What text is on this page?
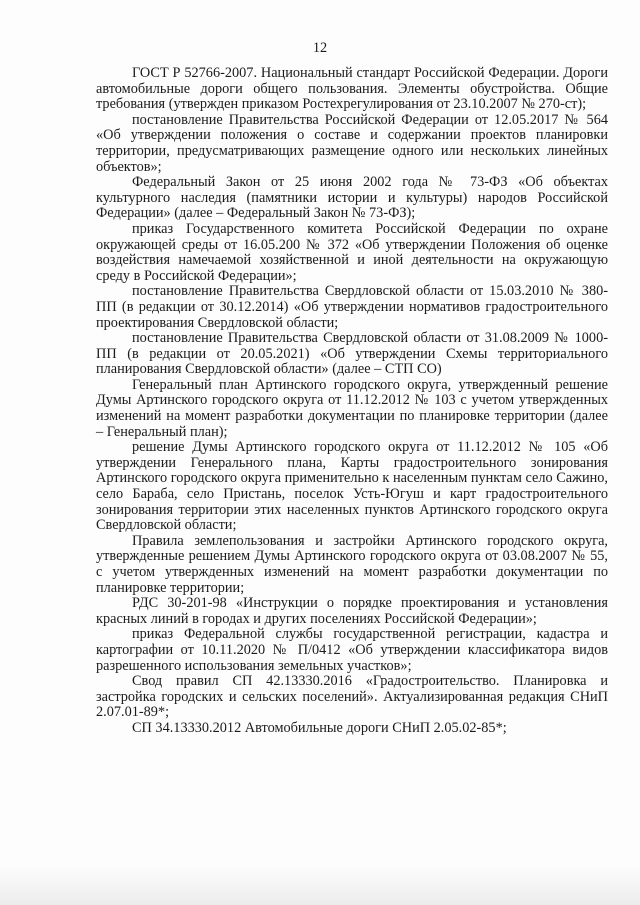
12

ГОСТ Р 52766-2007. Национальный стандарт Российской Федерации. Дороги автомобильные дороги общего пользования. Элементы обустройства. Общие требования (утвержден приказом Ростехрегулирования от 23.10.2007 № 270-ст);

постановление Правительства Российской Федерации от 12.05.2017 № 564 «Об утверждении положения о составе и содержании проектов планировки территории, предусматривающих размещение одного или нескольких линейных объектов»;

Федеральный Закон от 25 июня 2002 года № 73-ФЗ «Об объектах культурного наследия (памятники истории и культуры) народов Российской Федерации» (далее – Федеральный Закон № 73-ФЗ);

приказ Государственного комитета Российской Федерации по охране окружающей среды от 16.05.200 № 372 «Об утверждении Положения об оценке воздействия намечаемой хозяйственной и иной деятельности на окружающую среду в Российской Федерации»;

постановление Правительства Свердловской области от 15.03.2010 № 380-ПП (в редакции от 30.12.2014) «Об утверждении нормативов градостроительного проектирования Свердловской области;

постановление Правительства Свердловской области от 31.08.2009 № 1000-ПП (в редакции от 20.05.2021) «Об утверждении Схемы территориального планирования Свердловской области» (далее – СТП СО)

Генеральный план Артинского городского округа, утвержденный решение Думы Артинского городского округа от 11.12.2012 № 103 с учетом утвержденных изменений на момент разработки документации по планировке территории (далее – Генеральный план);

решение Думы Артинского городского округа от 11.12.2012 № 105 «Об утверждении Генерального плана, Карты градостроительного зонирования Артинского городского округа применительно к населенным пунктам село Сажино, село Бараба, село Пристань, поселок Усть-Югуш и карт градостроительного зонирования территории этих населенных пунктов Артинского городского округа Свердловской области;

Правила землепользования и застройки Артинского городского округа, утвержденные решением Думы Артинского городского округа от 03.08.2007 № 55, с учетом утвержденных изменений на момент разработки документации по планировке территории;

РДС 30-201-98 «Инструкции о порядке проектирования и установления красных линий в городах и других поселениях Российской Федерации»;

приказ Федеральной службы государственной регистрации, кадастра и картографии от 10.11.2020 № П/0412 «Об утверждении классификатора видов разрешенного использования земельных участков»;

Свод правил СП 42.13330.2016 «Градостроительство. Планировка и застройка городских и сельских поселений». Актуализированная редакция СНиП 2.07.01-89*;

СП 34.13330.2012 Автомобильные дороги СНиП 2.05.02-85*;
